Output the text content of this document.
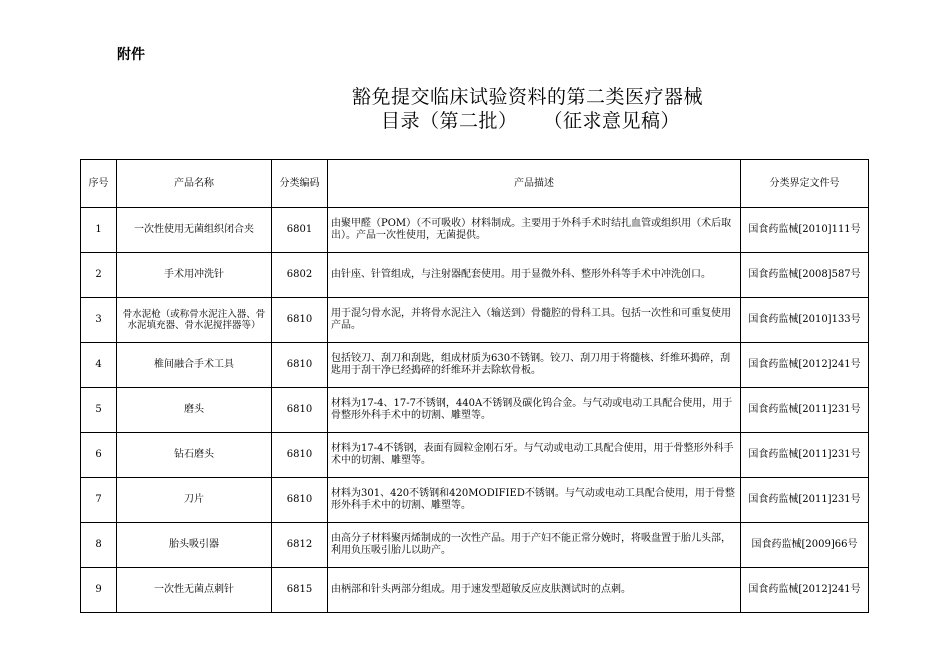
附件
豁免提交临床试验资料的第二类医疗器械
目录（第二批） （征求意见稿）
序号	产品名称	分类编码	产品描述	分类界定文件号
1	一次性使用无菌组织闭合夹	6801	由聚甲醛（POM）（不可吸收）材料制成。主要用于外科手术时结扎血管或组织用（术后取出）。产品一次性使用，无菌提供。	国食药监械[2010]111号
2	手术用冲洗针	6802	由针座、针管组成，与注射器配套使用。用于显微外科、整形外科等手术中冲洗创口。	国食药监械[2008]587号
3	骨水泥枪（或称骨水泥注入器、骨水泥填充器、骨水泥搅拌器等）	6810	用于混匀骨水泥，并将骨水泥注入（输送到）骨髓腔的骨科工具。包括一次性和可重复使用产品。	国食药监械[2010]133号
4	椎间融合手术工具	6810	包括铰刀、刮刀和刮匙，组成材质为630不锈钢。铰刀、刮刀用于将髓核、纤维环搗碎，刮匙用于刮干净已经搗碎的纤维环并去除软骨板。	国食药监械[2012]241号
5	磨头	6810	材料为17-4、17-7不锈钢，440A不锈钢及碳化钨合金。与气动或电动工具配合使用，用于骨整形外科手术中的切割、雕塑等。	国食药监械[2011]231号
6	钻石磨头	6810	材料为17-4不锈钢，表面有圆粒金刚石牙。与气动或电动工具配合使用，用于骨整形外科手术中的切割、雕塑等。	国食药监械[2011]231号
7	刀片	6810	材料为301、420不锈钢和420MODIFIED不锈钢。与气动或电动工具配合使用，用于骨整形外科手术中的切割、雕塑等。	国食药监械[2011]231号
8	胎头吸引器	6812	由高分子材料聚丙烯制成的一次性产品。用于产妇不能正常分娩时，将吸盘置于胎儿头部，利用负压吸引胎儿以助产。	国食药监械[2009]66号
9	一次性无菌点刺针	6815	由柄部和针头两部分组成。用于速发型超敏反应皮肤测试时的点刺。	国食药监械[2012]241号
